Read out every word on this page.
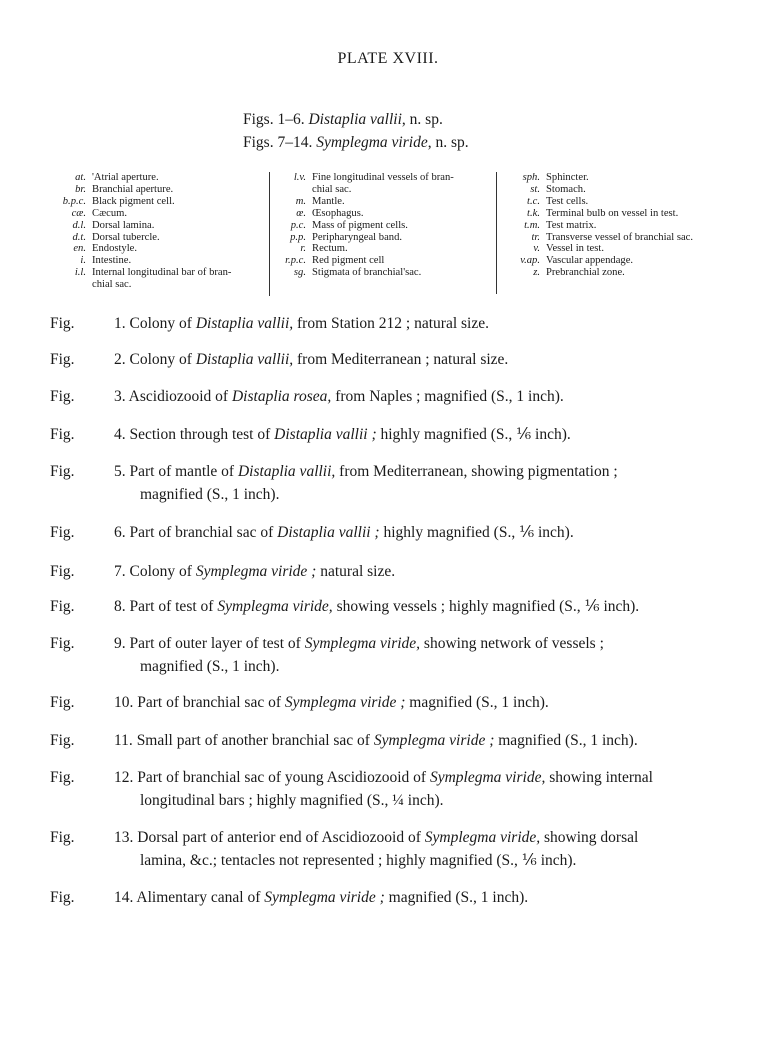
PLATE XVIII.
Figs. 1–6. Distaplia vallii, n. sp.
Figs. 7–14. Symplegma viride, n. sp.
at. 'Atrial aperture.
br. Branchial aperture.
b.p.c. Black pigment cell.
cæ. Cæcum.
d.l. Dorsal lamina.
d.t. Dorsal tubercle.
en. Endostyle.
i. Intestine.
i.l. Internal longitudinal bar of bran-
chial sac.
l.v. Fine longitudinal vessels of bran-
chial sac.
m. Mantle.
œ. Œsophagus.
p.c. Mass of pigment cells.
p.p. Peripharyngeal band.
r. Rectum.
r.p.c. Red pigment cell
sg. Stigmata of branchial'sac.
sph. Sphincter.
st. Stomach.
t.c. Test cells.
t.k. Terminal bulb on vessel in test.
t.m. Test matrix.
tr. Transverse vessel of branchial sac.
v. Vessel in test.
v.ap. Vascular appendage.
z. Prebranchial zone.
Fig.	1. Colony of Distaplia vallii, from Station 212 ; natural size.
Fig.	2. Colony of Distaplia vallii, from Mediterranean ; natural size.
Fig.	3. Ascidiozooid of Distaplia rosea, from Naples ; magnified (S., 1 inch).
Fig.	4. Section through test of Distaplia vallii ; highly magnified (S., ⅙ inch).
Fig.	5. Part of mantle of Distaplia vallii, from Mediterranean, showing pigmentation ;
magnified (S., 1 inch).
Fig.	6. Part of branchial sac of Distaplia vallii ; highly magnified (S., ⅙ inch).
Fig.	7. Colony of Symplegma viride ; natural size.
Fig.	8. Part of test of Symplegma viride, showing vessels ; highly magnified (S., ⅙ inch).
Fig.	9. Part of outer layer of test of Symplegma viride, showing network of vessels ;
magnified (S., 1 inch).
Fig.	10. Part of branchial sac of Symplegma viride ; magnified (S., 1 inch).
Fig.	11. Small part of another branchial sac of Symplegma viride ; magnified (S., 1 inch).
Fig.	12. Part of branchial sac of young Ascidiozooid of Symplegma viride, showing internal
longitudinal bars ; highly magnified (S., ¼ inch).
Fig.	13. Dorsal part of anterior end of Ascidiozooid of Symplegma viride, showing dorsal
lamina, &c.; tentacles not represented ; highly magnified (S., ⅙ inch).
Fig.	14. Alimentary canal of Symplegma viride ; magnified (S., 1 inch).
